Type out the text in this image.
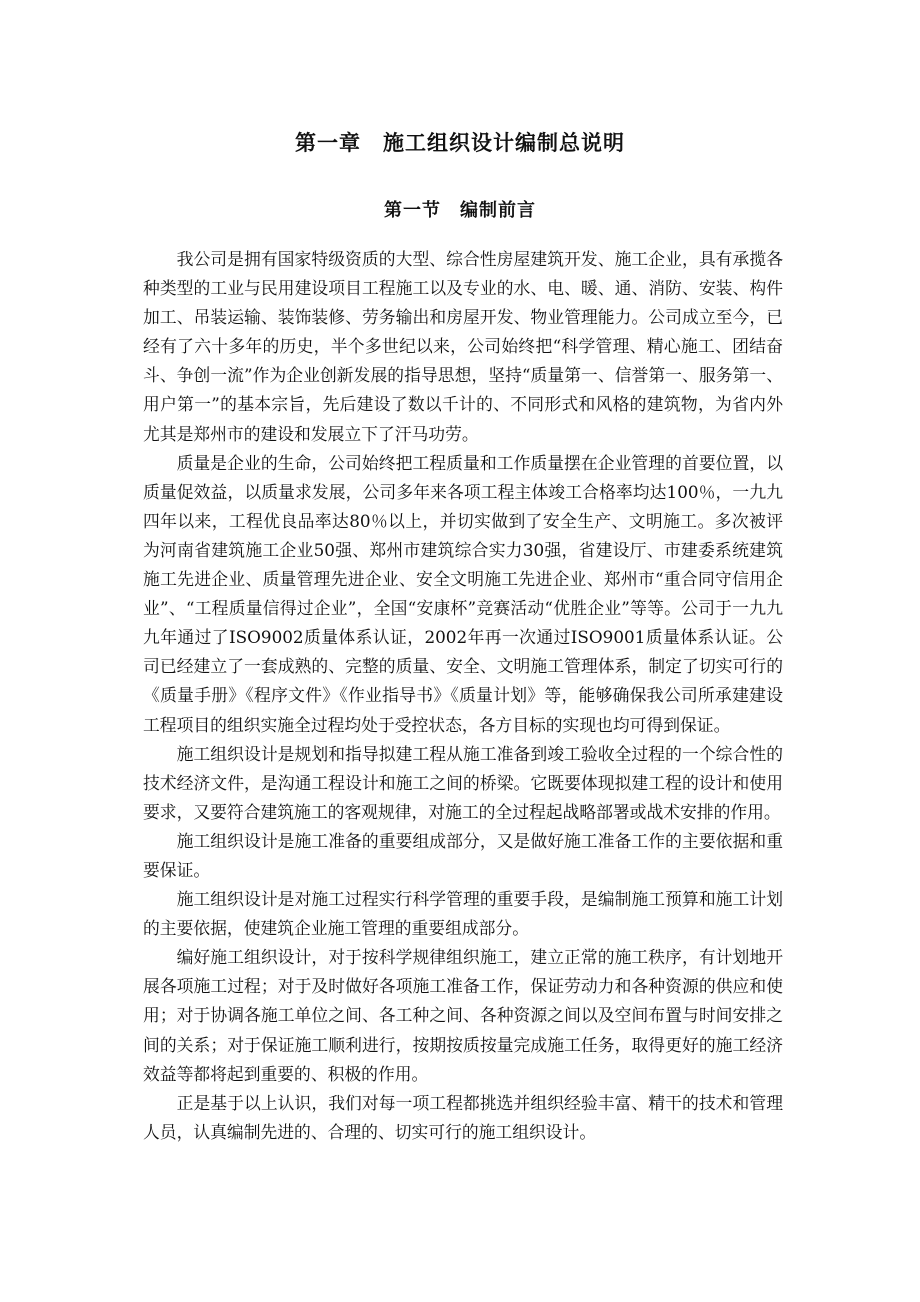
第一章　施工组织设计编制总说明
第一节　编制前言

我公司是拥有国家特级资质的大型、综合性房屋建筑开发、施工企业，具有承揽各种类型的工业与民用建设项目工程施工以及专业的水、电、暖、通、消防、安装、构件加工、吊装运输、装饰装修、劳务输出和房屋开发、物业管理能力。公司成立至今，已经有了六十多年的历史，半个多世纪以来，公司始终把“科学管理、精心施工、团结奋斗、争创一流”作为企业创新发展的指导思想，坚持“质量第一、信誉第一、服务第一、用户第一”的基本宗旨，先后建设了数以千计的、不同形式和风格的建筑物，为省内外尤其是郑州市的建设和发展立下了汗马功劳。

质量是企业的生命，公司始终把工程质量和工作质量摆在企业管理的首要位置，以质量促效益，以质量求发展，公司多年来各项工程主体竣工合格率均达100％，一九九四年以来，工程优良品率达80％以上，并切实做到了安全生产、文明施工。多次被评为河南省建筑施工企业50强、郑州市建筑综合实力30强，省建设厅、市建委系统建筑施工先进企业、质量管理先进企业、安全文明施工先进企业、郑州市“重合同守信用企业”、“工程质量信得过企业”，全国“安康杯”竞赛活动“优胜企业”等等。公司于一九九九年通过了ISO9002质量体系认证，2002年再一次通过ISO9001质量体系认证。公司已经建立了一套成熟的、完整的质量、安全、文明施工管理体系，制定了切实可行的《质量手册》《程序文件》《作业指导书》《质量计划》等，能够确保我公司所承建建设工程项目的组织实施全过程均处于受控状态，各方目标的实现也均可得到保证。

施工组织设计是规划和指导拟建工程从施工准备到竣工验收全过程的一个综合性的技术经济文件，是沟通工程设计和施工之间的桥梁。它既要体现拟建工程的设计和使用要求，又要符合建筑施工的客观规律，对施工的全过程起战略部署或战术安排的作用。

施工组织设计是施工准备的重要组成部分，又是做好施工准备工作的主要依据和重要保证。

施工组织设计是对施工过程实行科学管理的重要手段，是编制施工预算和施工计划的主要依据，使建筑企业施工管理的重要组成部分。

编好施工组织设计，对于按科学规律组织施工，建立正常的施工秩序，有计划地开展各项施工过程；对于及时做好各项施工准备工作，保证劳动力和各种资源的供应和使用；对于协调各施工单位之间、各工种之间、各种资源之间以及空间布置与时间安排之间的关系；对于保证施工顺利进行，按期按质按量完成施工任务，取得更好的施工经济效益等都将起到重要的、积极的作用。

正是基于以上认识，我们对每一项工程都挑选并组织经验丰富、精干的技术和管理人员，认真编制先进的、合理的、切实可行的施工组织设计。
